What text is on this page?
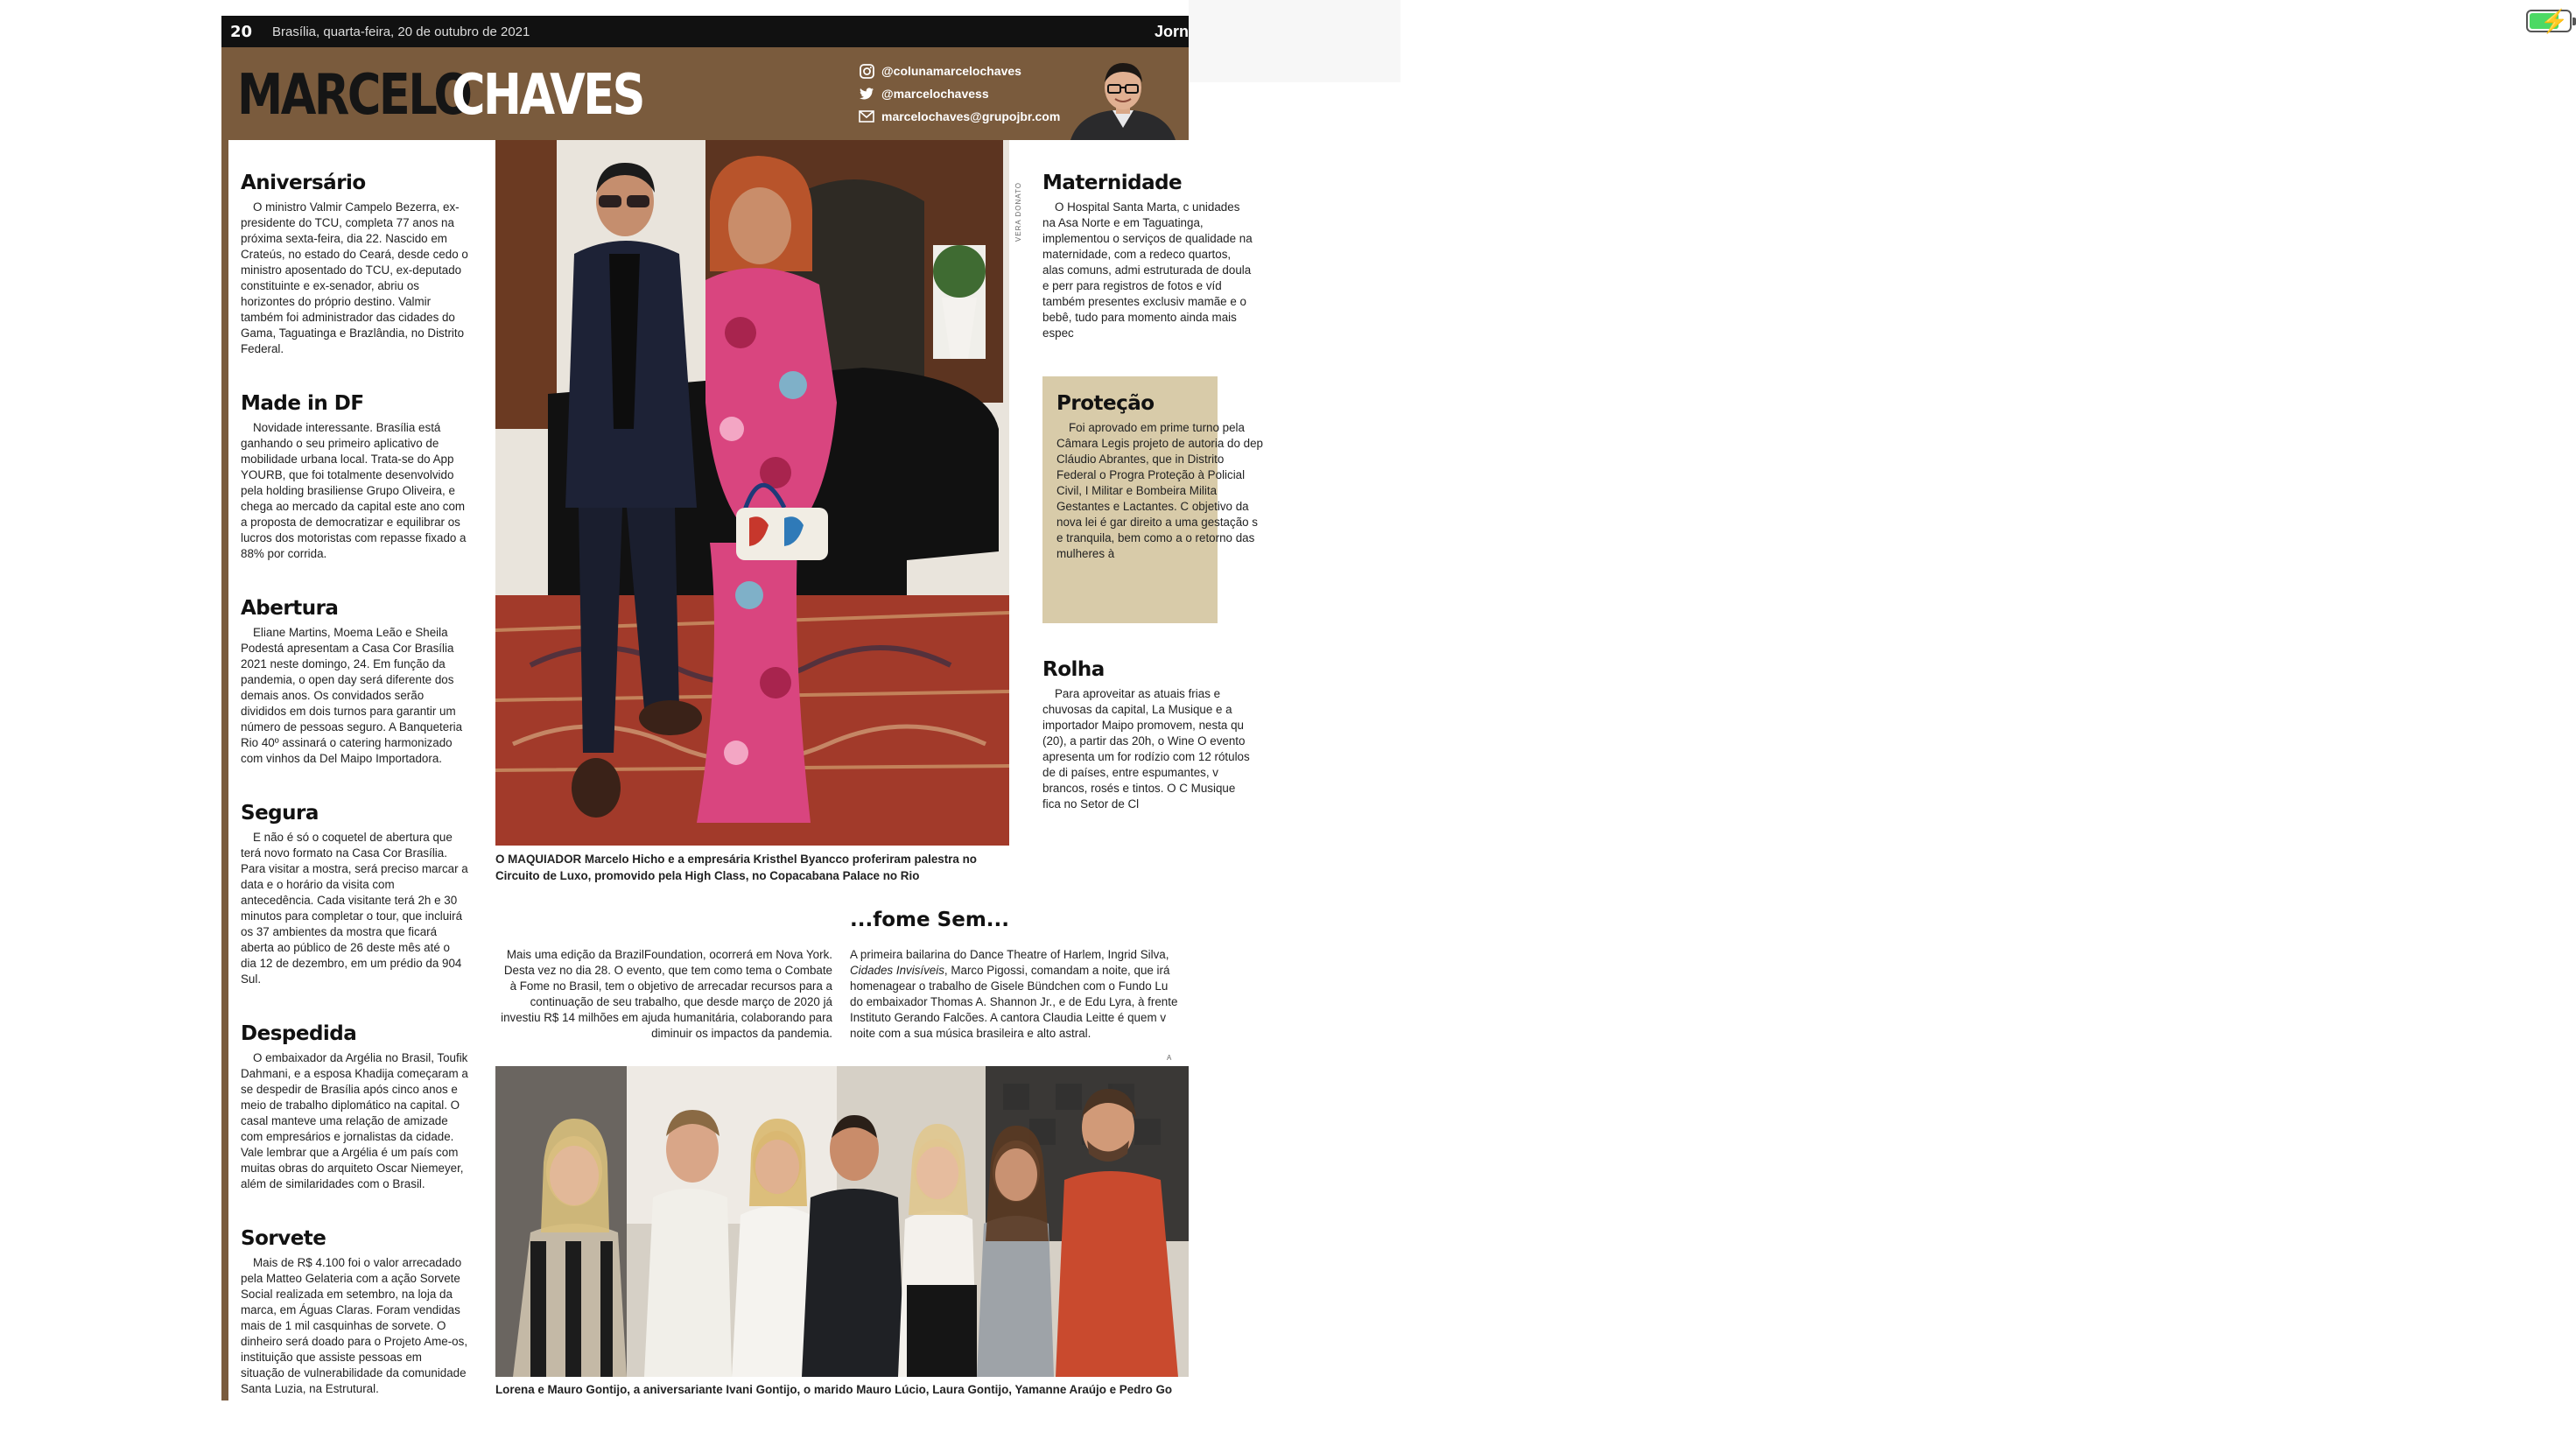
⚡
20 Brasília, quarta-feira, 20 de outubro de 2021	Jorn
MARCELO
CHAVES	@colunamarcelochaves
@marcelochavess
marcelochaves@grupojbr.com
Aniversário

O ministro Valmir Campelo Bezerra, ex-presidente do TCU, completa 77 anos na próxima sexta-feira, dia 22. Nascido em Crateús, no estado do Ceará, desde cedo o ministro aposentado do TCU, ex-deputado constituinte e ex-senador, abriu os horizontes do próprio destino. Valmir também foi administrador das cidades do Gama, Taguatinga e Brazlândia, no Distrito Federal.

Made in DF

Novidade interessante. Brasília está ganhando o seu primeiro aplicativo de mobilidade urbana local. Trata-se do App YOURB, que foi totalmente desenvolvido pela holding brasiliense Grupo Oliveira, e chega ao mercado da capital este ano com a proposta de democratizar e equilibrar os lucros dos motoristas com repasse fixado a 88% por corrida.

Abertura

Eliane Martins, Moema Leão e Sheila Podestá apresentam a Casa Cor Brasília 2021 neste domingo, 24. Em função da pandemia, o open day será diferente dos demais anos. Os convidados serão divididos em dois turnos para garantir um número de pessoas seguro. A Banqueteria Rio 40º assinará o catering harmonizado com vinhos da Del Maipo Importadora.

Segura

E não é só o coquetel de abertura que terá novo formato na Casa Cor Brasília. Para visitar a mostra, será preciso marcar a data e o horário da visita com antecedência. Cada visitante terá 2h e 30 minutos para completar o tour, que incluirá os 37 ambientes da mostra que ficará aberta ao público de 26 deste mês até o dia 12 de dezembro, em um prédio da 904 Sul.

Despedida

O embaixador da Argélia no Brasil, Toufik Dahmani, e a esposa Khadija começaram a se despedir de Brasília após cinco anos e meio de trabalho diplomático na capital. O casal manteve uma relação de amizade com empresários e jornalistas da cidade. Vale lembrar que a Argélia é um país com muitas obras do arquiteto Oscar Niemeyer, além de similaridades com o Brasil.

Sorvete

Mais de R$ 4.100 foi o valor arrecadado pela Matteo Gelateria com a ação Sorvete Social realizada em setembro, na loja da marca, em Águas Claras. Foram vendidas mais de 1 mil casquinhas de sorvete. O dinheiro será doado para o Projeto Ame-os, instituição que assiste pessoas em situação de vulnerabilidade da comunidade Santa Luzia, na Estrutural.

VERA DONATO
O MAQUIADOR Marcelo Hicho e a empresária Kristhel Byancco proferiram palestra no Circuito de Luxo, promovido pela High Class, no Copacabana Palace no Rio
Maternidade

O Hospital Santa Marta, c unidades na Asa Norte e em Taguatinga, implementou o serviços de qualidade na maternidade, com a redeco quartos, alas comuns, admi estruturada de doula e perr para registros de fotos e víd também presentes exclusiv mamãe e o bebê, tudo para momento ainda mais espec

Proteção

Foi aprovado em prime turno pela Câmara Legis projeto de autoria do dep Cláudio Abrantes, que in Distrito Federal o Progra Proteção à Policial Civil, I Militar e Bombeira Milita Gestantes e Lactantes. C objetivo da nova lei é gar direito a uma gestação s e tranquila, bem como a o retorno das mulheres à

Rolha

Para aproveitar as atuais frias e chuvosas da capital, La Musique e a importador Maipo promovem, nesta qu (20), a partir das 20h, o Wine O evento apresenta um for rodízio com 12 rótulos de di países, entre espumantes, v brancos, rosés e tintos. O C Musique fica no Setor de Cl

Sem...
...fome
Mais uma edição da BrazilFoundation, ocorrerá em Nova York. Desta vez no dia 28. O evento, que tem como tema o Combate à Fome no Brasil, tem o objetivo de arrecadar recursos para a continuação de seu trabalho, que desde março de 2020 já investiu R$ 14 milhões em ajuda humanitária, colaborando para diminuir os impactos da pandemia.
A primeira bailarina do Dance Theatre of Harlem, Ingrid Silva,
Cidades Invisíveis, Marco Pigossi, comandam a noite, que irá
homenagear o trabalho de Gisele Bündchen com o Fundo Lu
do embaixador Thomas A. Shannon Jr., e de Edu Lyra, à frente
Instituto Gerando Falcões. A cantora Claudia Leitte é quem v
noite com a sua música brasileira e alto astral.
A
Lorena e Mauro Gontijo, a aniversariante Ivani Gontijo, o marido Mauro Lúcio, Laura Gontijo, Yamanne Araújo e Pedro Go
